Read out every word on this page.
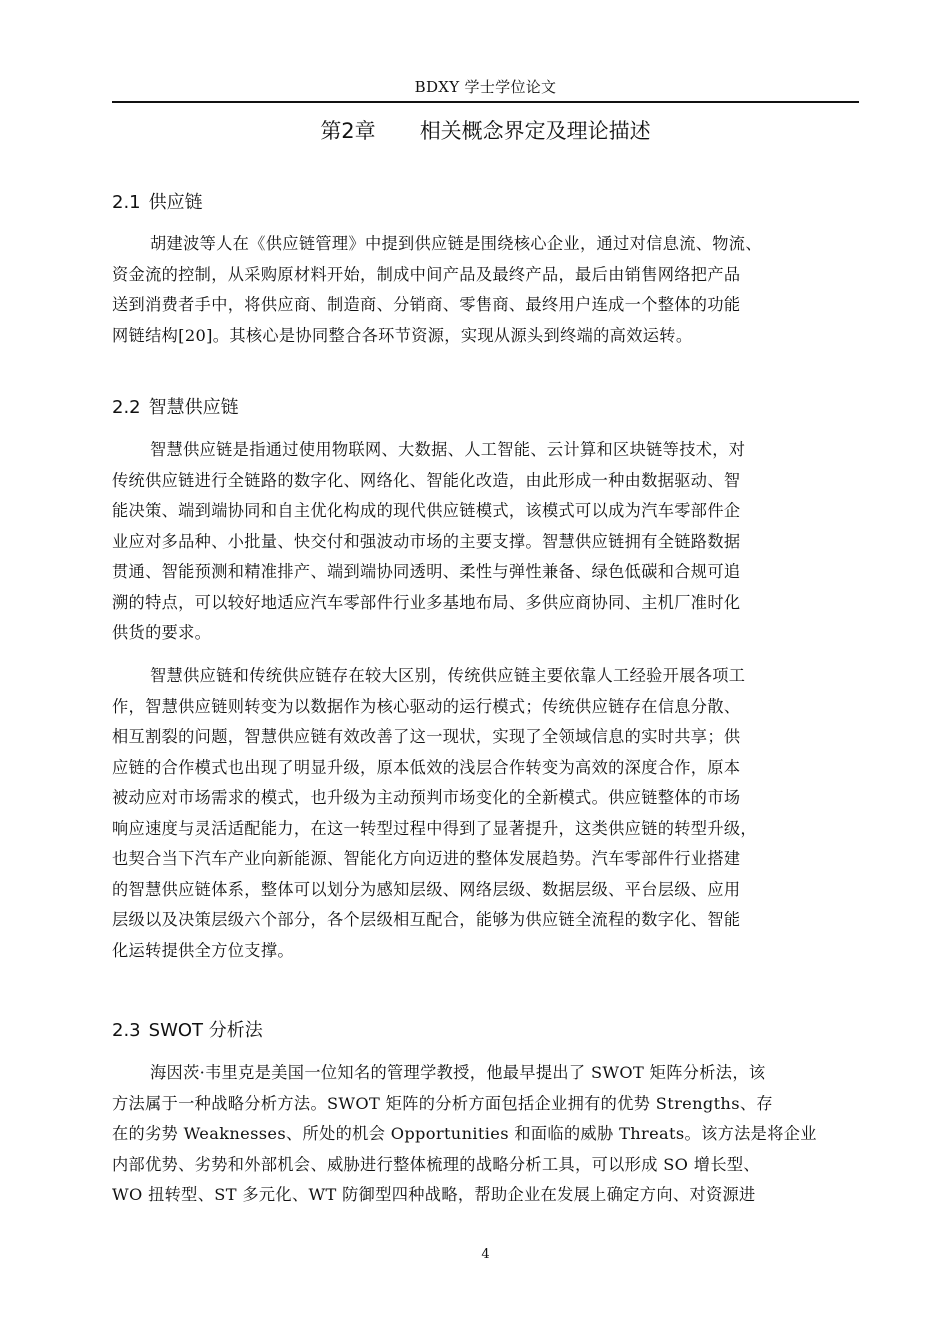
BDXY 学士学位论文
第2章 相关概念界定及理论描述
2.1 供应链
胡建波等人在《供应链管理》中提到供应链是围绕核心企业，通过对信息流、物流、
资金流的控制，从采购原材料开始，制成中间产品及最终产品，最后由销售网络把产品
送到消费者手中，将供应商、制造商、分销商、零售商、最终用户连成一个整体的功能
网链结构[20]。其核心是协同整合各环节资源，实现从源头到终端的高效运转。
2.2 智慧供应链
智慧供应链是指通过使用物联网、大数据、人工智能、云计算和区块链等技术，对
传统供应链进行全链路的数字化、网络化、智能化改造，由此形成一种由数据驱动、智
能决策、端到端协同和自主优化构成的现代供应链模式，该模式可以成为汽车零部件企
业应对多品种、小批量、快交付和强波动市场的主要支撑。智慧供应链拥有全链路数据
贯通、智能预测和精准排产、端到端协同透明、柔性与弹性兼备、绿色低碳和合规可追
溯的特点，可以较好地适应汽车零部件行业多基地布局、多供应商协同、主机厂准时化
供货的要求。
智慧供应链和传统供应链存在较大区别，传统供应链主要依靠人工经验开展各项工
作，智慧供应链则转变为以数据作为核心驱动的运行模式；传统供应链存在信息分散、
相互割裂的问题，智慧供应链有效改善了这一现状，实现了全领域信息的实时共享；供
应链的合作模式也出现了明显升级，原本低效的浅层合作转变为高效的深度合作，原本
被动应对市场需求的模式，也升级为主动预判市场变化的全新模式。供应链整体的市场
响应速度与灵活适配能力，在这一转型过程中得到了显著提升，这类供应链的转型升级，
也契合当下汽车产业向新能源、智能化方向迈进的整体发展趋势。汽车零部件行业搭建
的智慧供应链体系，整体可以划分为感知层级、网络层级、数据层级、平台层级、应用
层级以及决策层级六个部分，各个层级相互配合，能够为供应链全流程的数字化、智能
化运转提供全方位支撑。
2.3 SWOT 分析法
海因茨·韦里克是美国一位知名的管理学教授，他最早提出了 SWOT 矩阵分析法，该
方法属于一种战略分析方法。SWOT 矩阵的分析方面包括企业拥有的优势 Strengths、存
在的劣势 Weaknesses、所处的机会 Opportunities 和面临的威胁 Threats。该方法是将企业
内部优势、劣势和外部机会、威胁进行整体梳理的战略分析工具，可以形成 SO 增长型、
WO 扭转型、ST 多元化、WT 防御型四种战略，帮助企业在发展上确定方向、对资源进
4
